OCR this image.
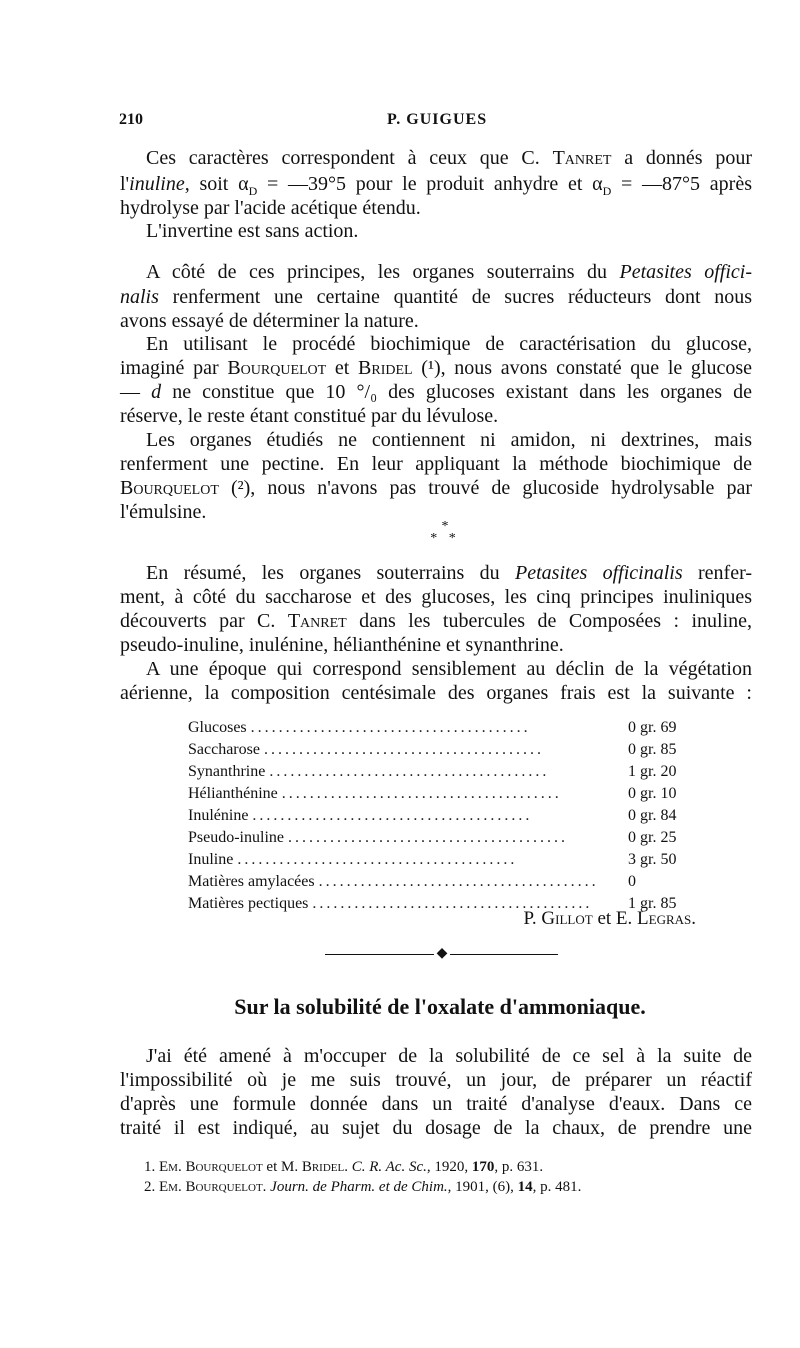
210	P. GUIGUES
Ces caractères correspondent à ceux que C. Tanret a donnés pour
l'inuline, soit $\alpha_D$ = —39°5 pour le produit anhydre et $\alpha_D$ = —87°5 après
hydrolyse par l'acide acétique étendu.
L'invertine est sans action.
A côté de ces principes, les organes souterrains du Petasites offici-
nalis renferment une certaine quantité de sucres réducteurs dont nous
avons essayé de déterminer la nature.
En utilisant le procédé biochimique de caractérisation du glucose,
imaginé par Bourquelot et Bridel (¹), nous avons constaté que le glucose
— d ne constitue que 10 °/₀ des glucoses existant dans les organes de
réserve, le reste étant constitué par du lévulose.
Les organes étudiés ne contiennent ni amidon, ni dextrines, mais
renferment une pectine. En leur appliquant la méthode biochimique de
Bourquelot (²), nous n'avons pas trouvé de glucoside hydrolysable par
l'émulsine.
*
* *
En résumé, les organes souterrains du Petasites officinalis renfer-
ment, à côté du saccharose et des glucoses, les cinq principes inuliniques
découverts par C. Tanret dans les tubercules de Composées : inuline,
pseudo-inuline, inulénine, hélianthénine et synanthrine.
A une époque qui correspond sensiblement au déclin de la végétation
aérienne, la composition centésimale des organes frais est la suivante :
Glucoses ........................................	0 gr. 69
Saccharose ........................................	0 gr. 85
Synanthrine ........................................	1 gr. 20
Hélianthénine ........................................	0 gr. 10
Inulénine ........................................	0 gr. 84
Pseudo-inuline ........................................	0 gr. 25
Inuline ........................................	3 gr. 50
Matières amylacées ........................................	0
Matières pectiques ........................................	1 gr. 85
P. Gillot et E. Legras.
◆
Sur la solubilité de l'oxalate d'ammoniaque.
J'ai été amené à m'occuper de la solubilité de ce sel à la suite de
l'impossibilité où je me suis trouvé, un jour, de préparer un réactif
d'après une formule donnée dans un traité d'analyse d'eaux. Dans ce
traité il est indiqué, au sujet du dosage de la chaux, de prendre une
1. Em. Bourquelot et M. Bridel. C. R. Ac. Sc., 1920, 170, p. 631.
2. Em. Bourquelot. Journ. de Pharm. et de Chim., 1901, (6), 14, p. 481.
